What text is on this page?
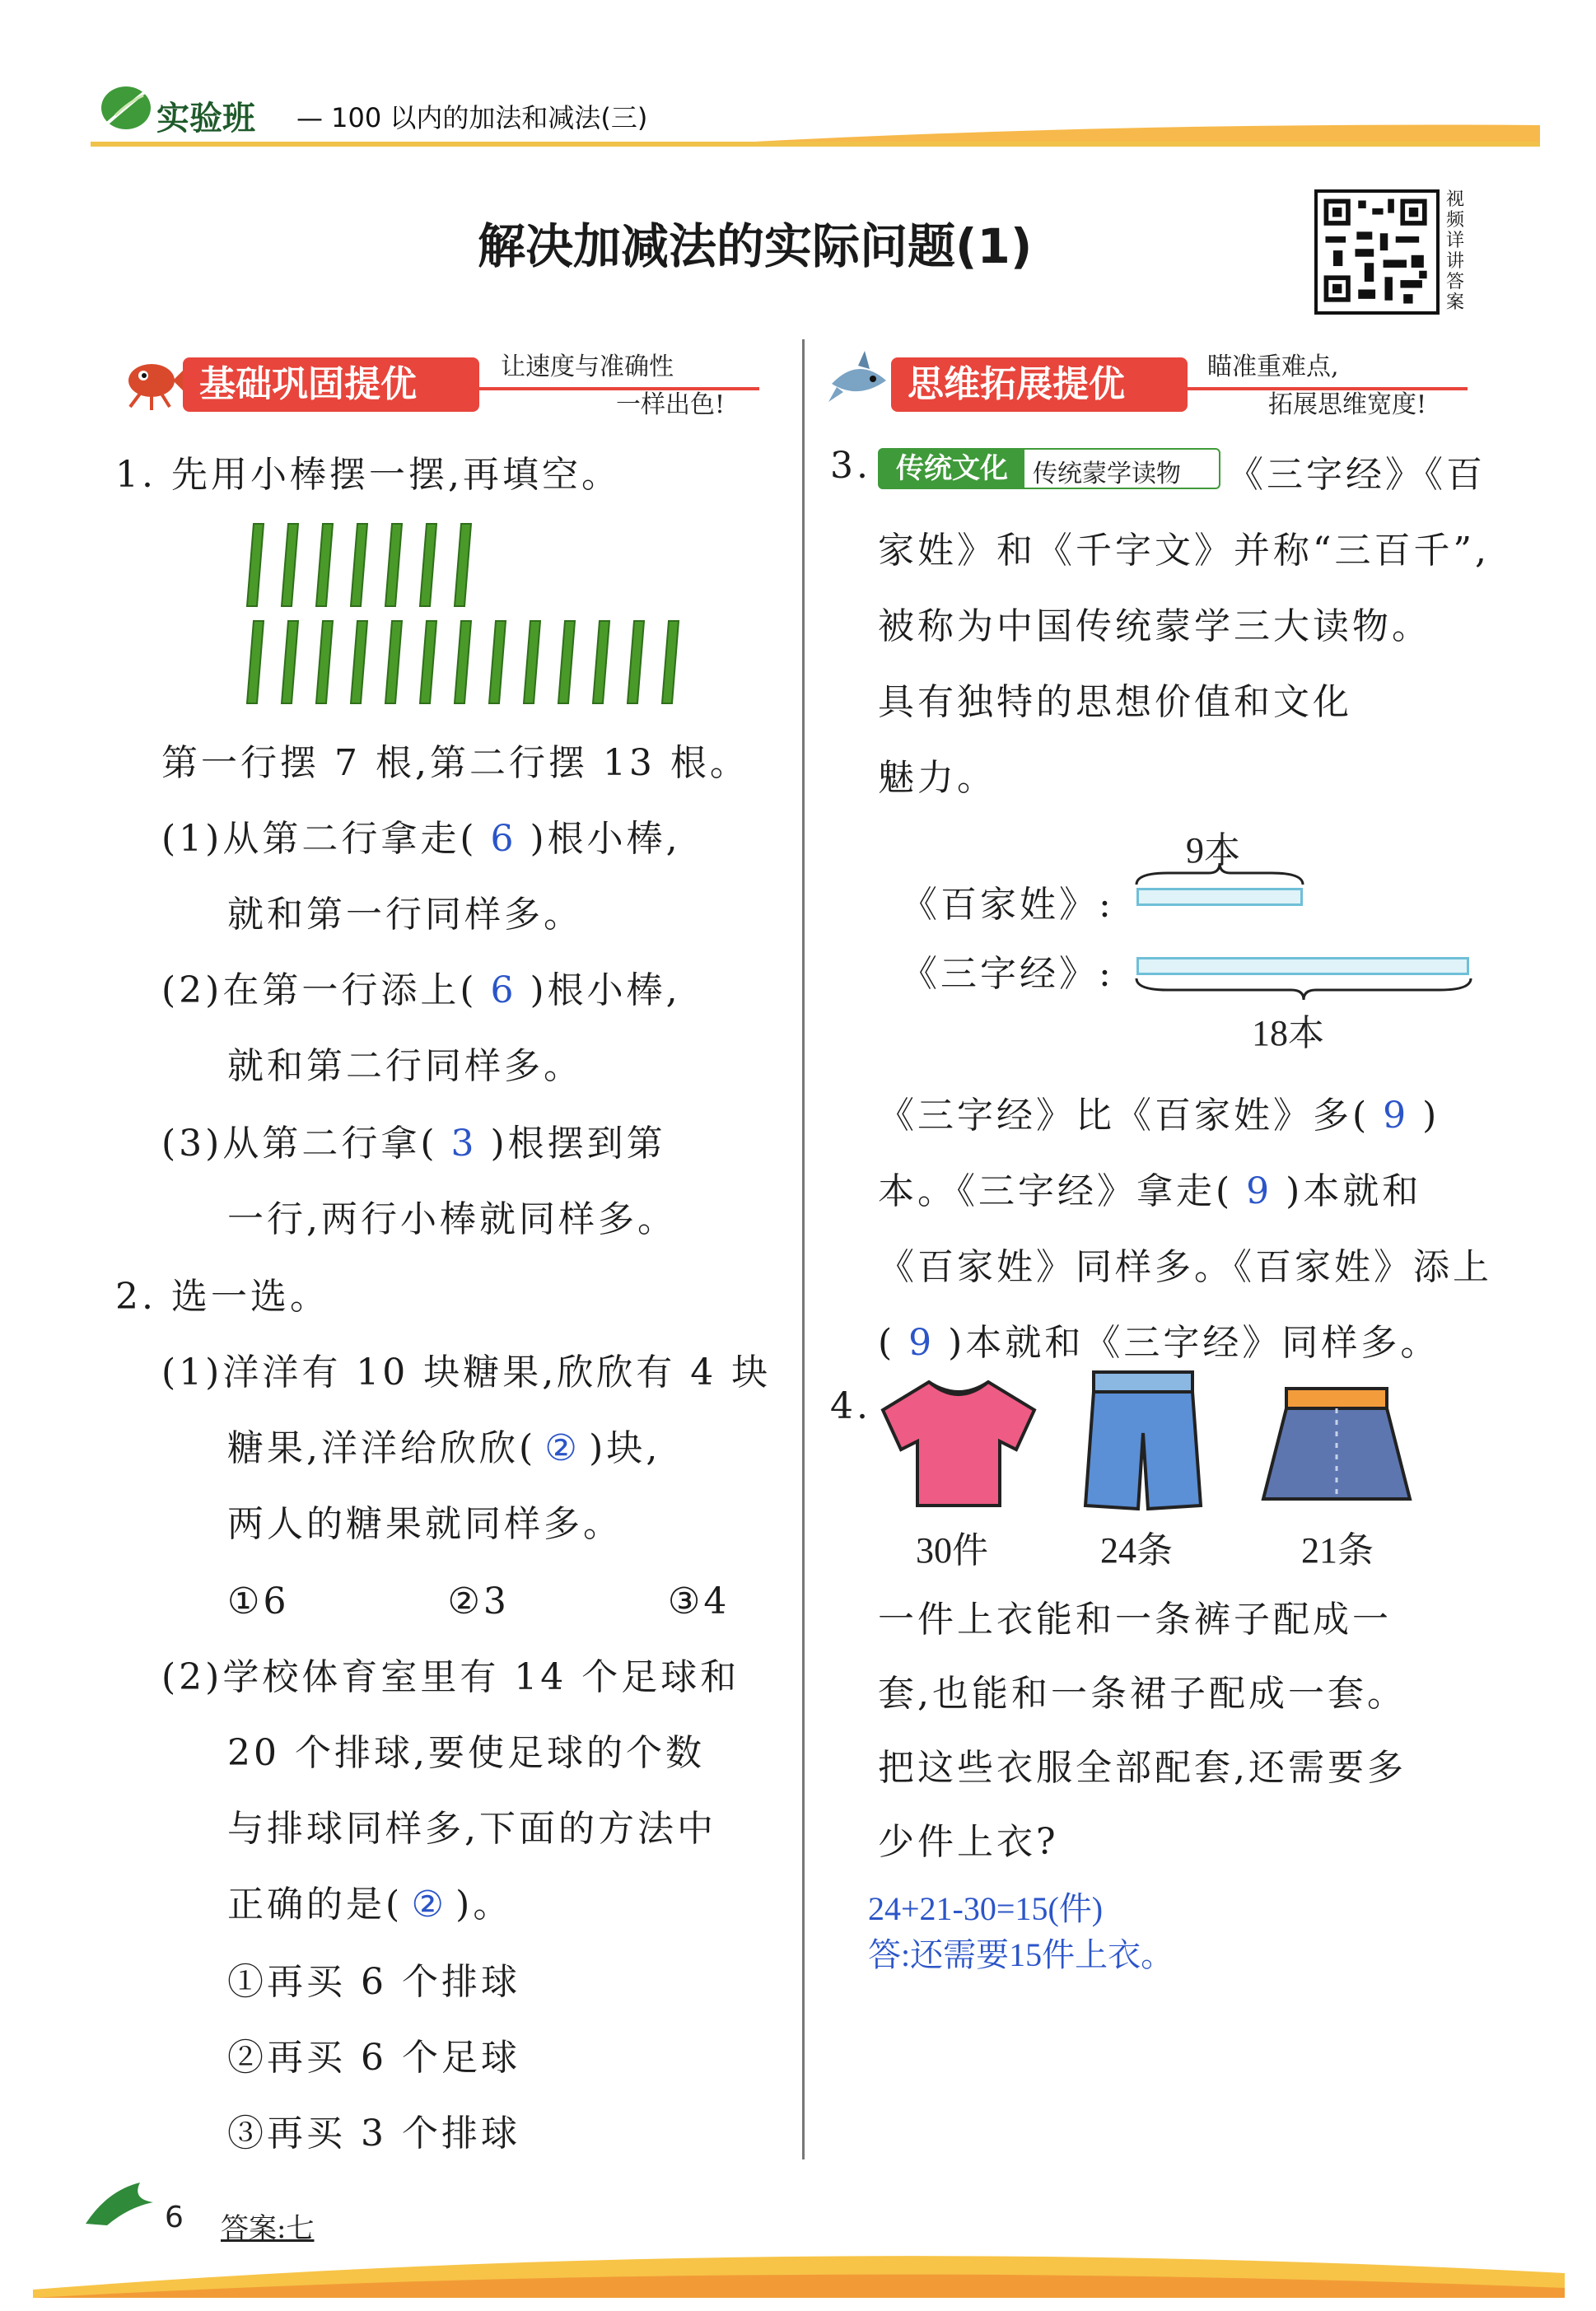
实验班 — 100 以内的加法和减法(三)
解决加减法的实际问题(1)
视频详讲答案
基础巩固提优	让速度与准确性
一样出色!
1. 先用小棒摆一摆,再填空。
第一行摆 7 根,第二行摆 13 根。
(1)从第二行拿走( 6 )根小棒,
就和第一行同样多。
(2)在第一行添上( 6 )根小棒,
就和第二行同样多。
(3)从第二行拿( 3 )根摆到第
一行,两行小棒就同样多。
2. 选一选。
(1)洋洋有 10 块糖果,欣欣有 4 块
糖果,洋洋给欣欣( ② )块,
两人的糖果就同样多。
①6　　　　②3　　　　③4
(2)学校体育室里有 14 个足球和
20 个排球,要使足球的个数
与排球同样多,下面的方法中
正确的是( ② )。
①再买 6 个排球
②再买 6 个足球
③再买 3 个排球
思维拓展提优	瞄准重难点,
拓展思维宽度!
3. 传统文化	传统蒙学读物 《三字经》《百
家姓》和《千字文》并称“三百千”,
被称为中国传统蒙学三大读物。
具有独特的思想价值和文化
魅力。
9本
《百家姓》:
《三字经》:
18本
《三字经》比《百家姓》多( 9 )
本。《三字经》拿走( 9 )本就和
《百家姓》同样多。《百家姓》添上
( 9 )本就和《三字经》同样多。
4.
30件	24条	21条
一件上衣能和一条裤子配成一
套,也能和一条裙子配成一套。
把这些衣服全部配套,还需要多
少件上衣?
24+21-30=15(件)
答:还需要15件上衣。
6 答案:七
